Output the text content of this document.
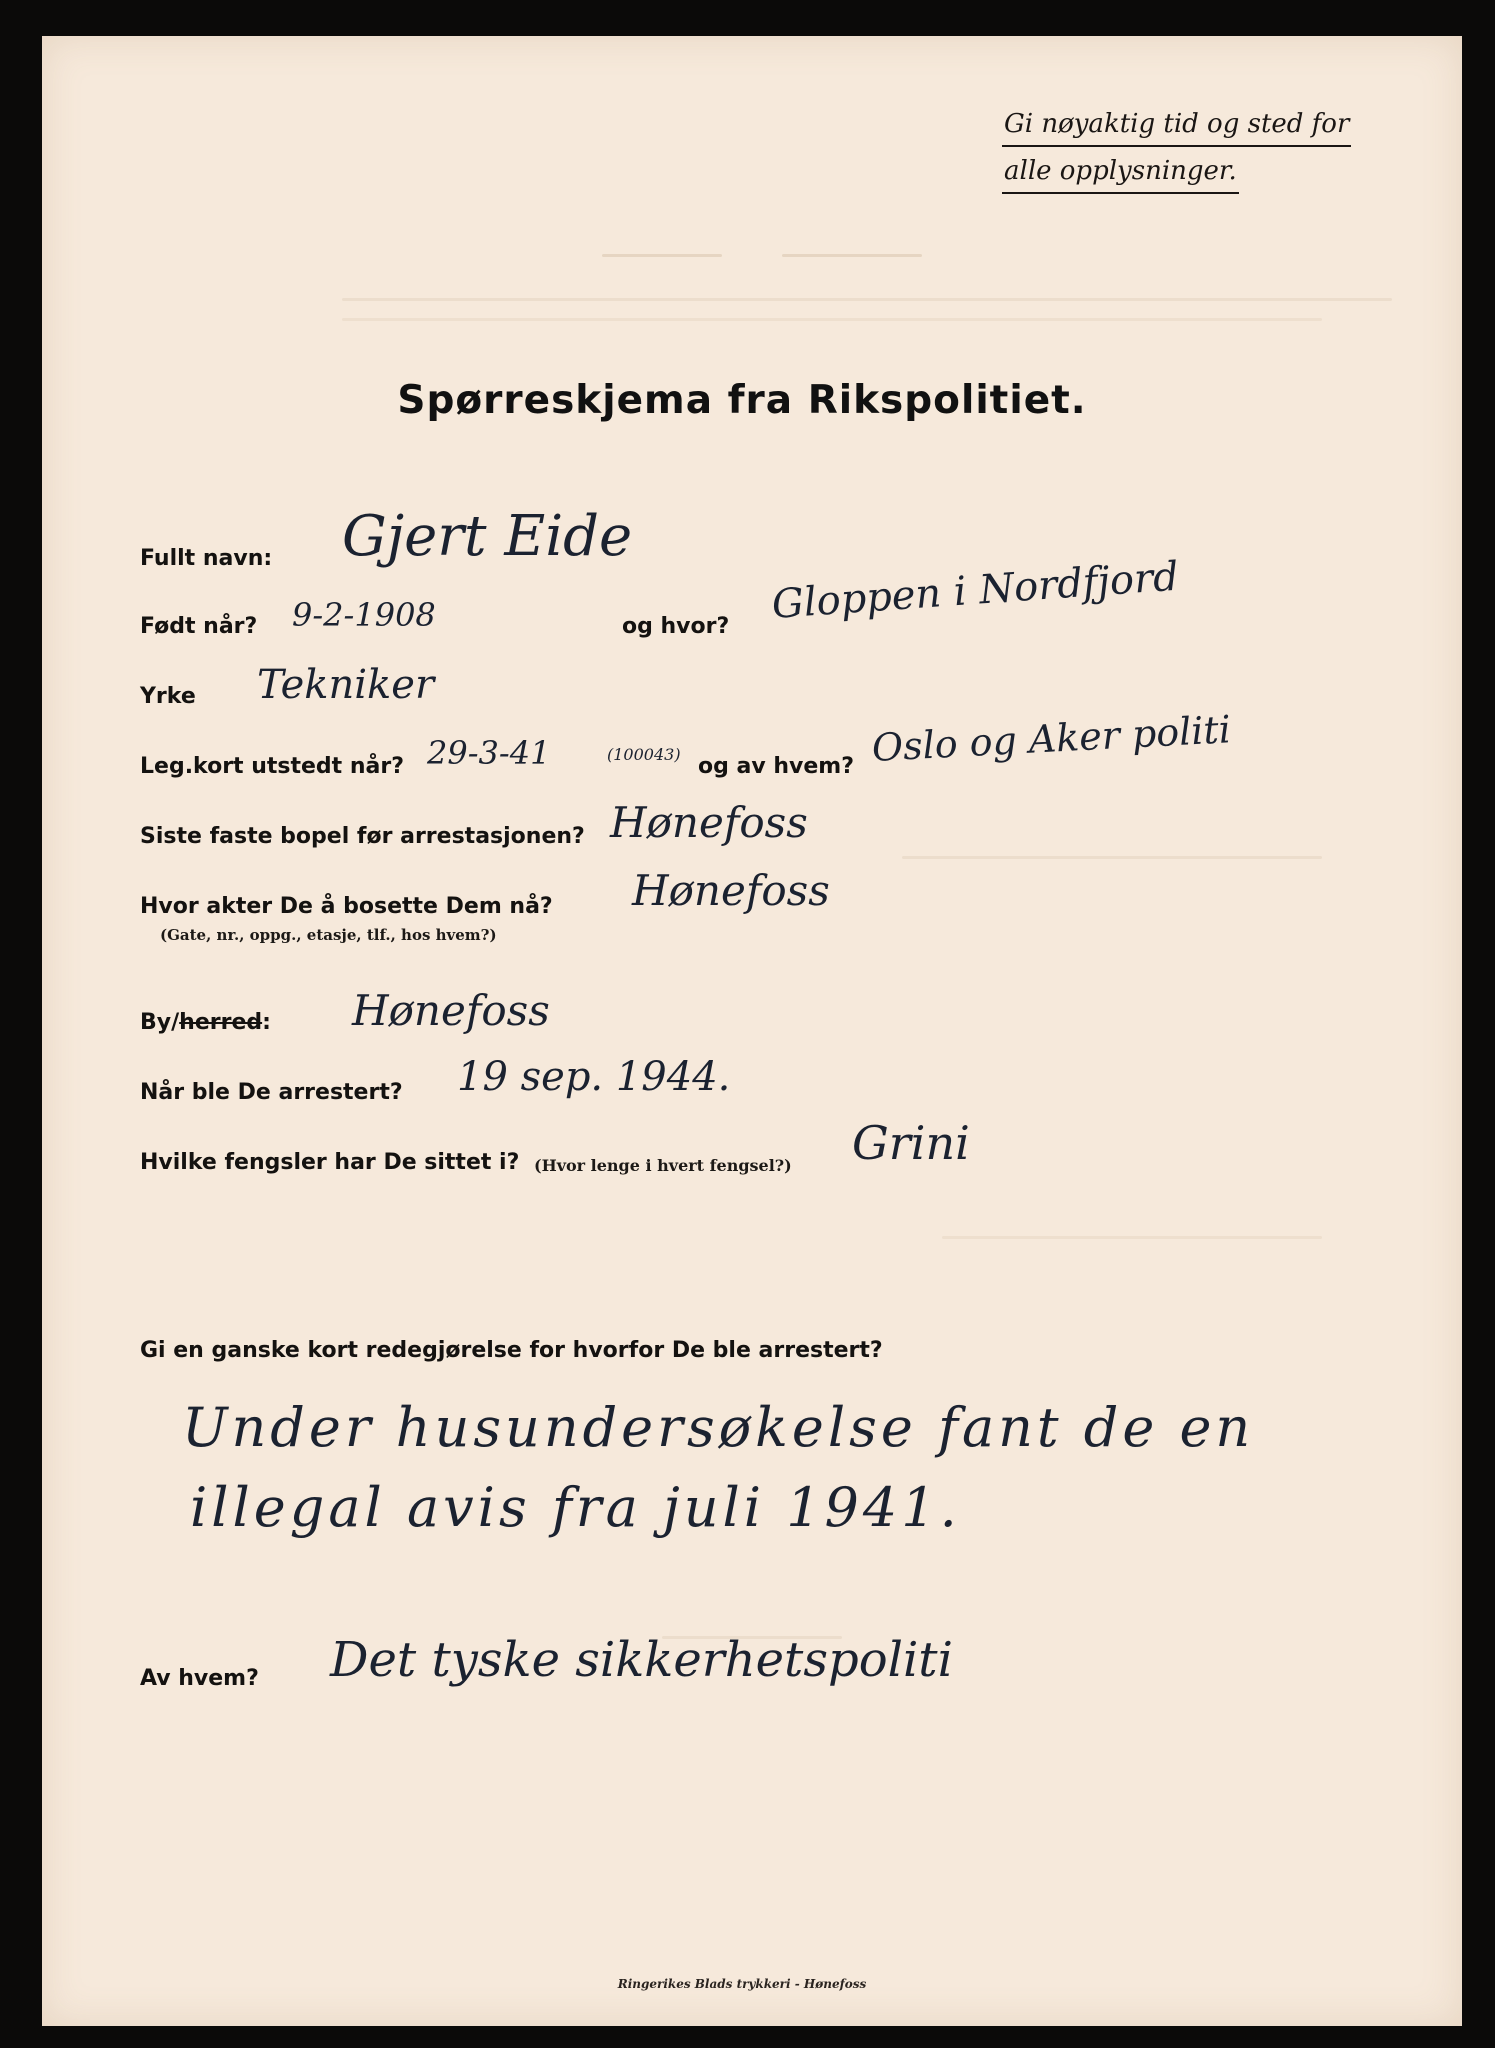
Gi nøyaktig tid og sted for
alle opplysninger.
Spørreskjema fra Rikspolitiet.
Fullt navn: Gjert Eide
Født når? 9-2-1908	og hvor? Gloppen i Nordfjord
Yrke Tekniker
Leg.kort utstedt når? 29-3-41	(100043) og av hvem? Oslo og Aker politi
Siste faste bopel før arrestasjonen? Hønefoss
Hvor akter De å bosette Dem nå?
(Gate, nr., oppg., etasje, tlf., hos hvem?)
Hønefoss
By/herred: Hønefoss
Når ble De arrestert? 19 sep. 1944.
Hvilke fengsler har De sittet i? (Hvor lenge i hvert fengsel?) Grini
Gi en ganske kort redegjørelse for hvorfor De ble arrestert?
Under husundersøkelse fant de en
illegal avis fra juli 1941.
Av hvem? Det tyske sikkerhetspoliti
Ringerikes Blads trykkeri - Hønefoss
